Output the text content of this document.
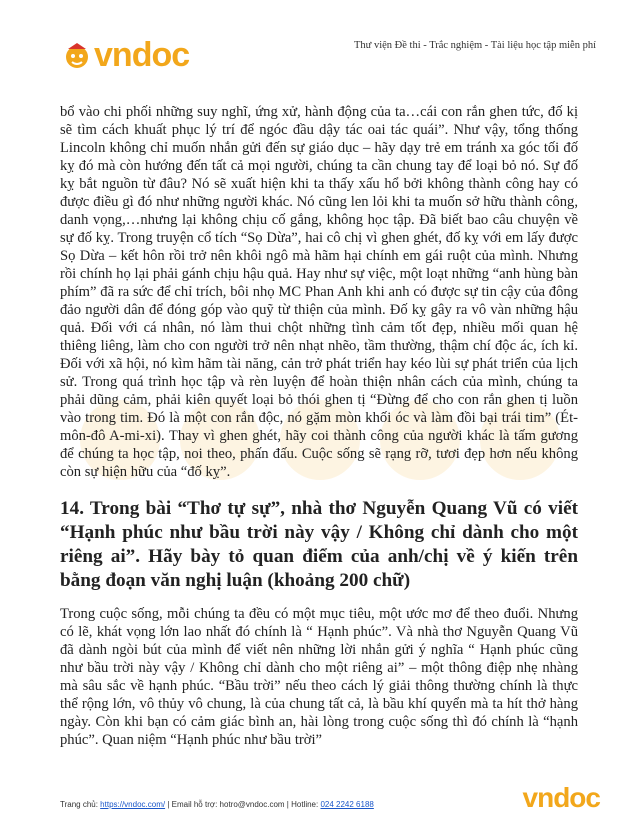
vndoc	Thư viện Đề thi - Trắc nghiệm - Tài liệu học tập miễn phí

bổ vào chi phối những suy nghĩ, ứng xử, hành động của ta…cái con rắn ghen tức, đố kị sẽ tìm cách khuất phục lý trí để ngóc đầu dậy tác oai tác quái”. Như vậy, tổng thống Lincoln không chỉ muốn nhắn gửi đến sự giáo dục – hãy dạy trẻ em tránh xa góc tối đố kỵ đó mà còn hướng đến tất cả mọi người, chúng ta cần chung tay để loại bỏ nó. Sự đố kỵ bắt nguồn từ đâu? Nó sẽ xuất hiện khi ta thấy xấu hổ bởi không thành công hay có được điều gì đó như những người khác. Nó cũng len lỏi khi ta muốn sở hữu thành công, danh vọng,…nhưng lại không chịu cố gắng, không học tập. Đã biết bao câu chuyện về sự đố kỵ. Trong truyện cổ tích “Sọ Dừa”, hai cô chị vì ghen ghét, đố kỵ với em lấy được Sọ Dừa – kết hôn rồi trở nên khôi ngô mà hãm hại chính em gái ruột của mình. Nhưng rồi chính họ lại phải gánh chịu hậu quả. Hay như sự việc, một loạt những “anh hùng bàn phím” đã ra sức để chỉ trích, bôi nhọ MC Phan Anh khi anh có được sự tin cậy của đông đảo người dân để đóng góp vào quỹ từ thiện của mình. Đố kỵ gây ra vô vàn những hậu quả. Đối với cá nhân, nó làm thui chột những tình cảm tốt đẹp, nhiều mối quan hệ thiêng liêng, làm cho con người trở nên nhạt nhẽo, tầm thường, thậm chí độc ác, ích kỉ. Đối với xã hội, nó kìm hãm tài năng, cản trở phát triển hay kéo lùi sự phát triển của lịch sử. Trong quá trình học tập và rèn luyện để hoàn thiện nhân cách của mình, chúng ta phải dũng cảm, phải kiên quyết loại bỏ thói ghen tị “Đừng để cho con rắn ghen tị luồn vào trong tim. Đó là một con rắn độc, nó gặm mòn khối óc và làm đồi bại trái tim” (Ét-môn-đô A-mi-xi). Thay vì ghen ghét, hãy coi thành công của người khác là tấm gương để chúng ta học tập, noi theo, phấn đấu. Cuộc sống sẽ rạng rỡ, tươi đẹp hơn nếu không còn sự hiện hữu của “đố kỵ”.

14. Trong bài “Thơ tự sự”, nhà thơ Nguyễn Quang Vũ có viết “Hạnh phúc như bầu trời này vậy / Không chỉ dành cho một riêng ai”. Hãy bày tỏ quan điểm của anh/chị về ý kiến trên bằng đoạn văn nghị luận (khoảng 200 chữ)

Trong cuộc sống, mỗi chúng ta đều có một mục tiêu, một ước mơ để theo đuổi. Nhưng có lẽ, khát vọng lớn lao nhất đó chính là “ Hạnh phúc”. Và nhà thơ Nguyễn Quang Vũ đã dành ngòi bút của mình để viết nên những lời nhắn gửi ý nghĩa “ Hạnh phúc cũng như bầu trời này vậy / Không chỉ dành cho một riêng ai” – một thông điệp nhẹ nhàng mà sâu sắc về hạnh phúc. “Bầu trời” nếu theo cách lý giải thông thường chính là thực thể rộng lớn, vô thủy vô chung, là của chung tất cả, là bầu khí quyển mà ta hít thở hàng ngày. Còn khi bạn có cảm giác bình an, hài lòng trong cuộc sống thì đó chính là “hạnh phúc”. Quan niệm “Hạnh phúc như bầu trời”

Trang chủ: https://vndoc.com/ | Email hỗ trợ: hotro@vndoc.com | Hotline: 024 2242 6188	vndoc
